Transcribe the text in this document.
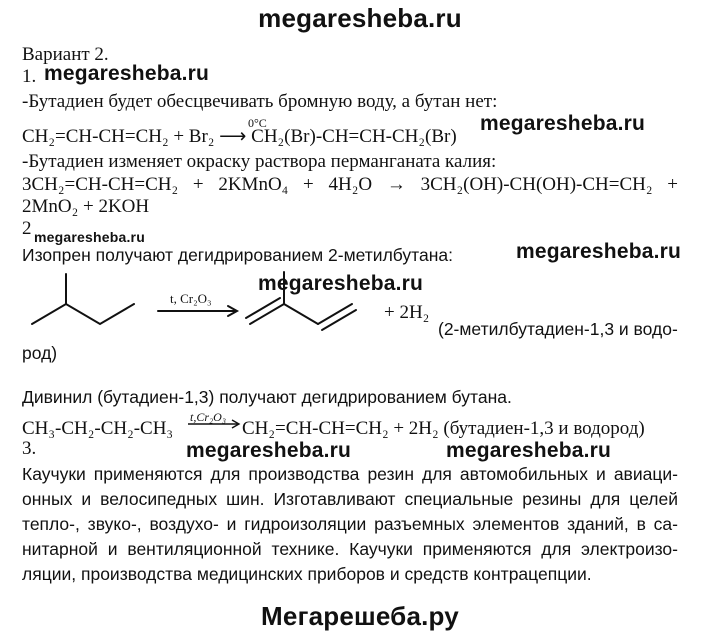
megaresheba.ru
Вариант 2.
1. megaresheba.ru
-Бутадиен будет обесцвечивать бромную воду, а бутан нет:
0°C
CH₂=CH-CH=CH₂ + Br₂ ⟶ CH₂(Br)-CH=CH-CH₂(Br)
megaresheba.ru
-Бутадиен изменяет окраску раствора перманганата калия:
3CH₂=CH-CH=CH₂ + 2KMnO₄ + 4H₂O → 3CH₂(OH)-CH(OH)-CH=CH₂ +
2MnO₂ + 2KOH
2 megaresheba.ru
Изопрен получают дегидрированием 2-метилбутана:	megaresheba.ru
t, Cr₂O₃
megaresheba.ru
+ 2H₂
(2-метилбутадиен-1,3 и водо-
род)
Дивинил (бутадиен-1,3) получают дегидрированием бутана.
CH₃-CH₂-CH₂-CH₃
t,Cr₂O₃
CH₂=CH-CH=CH₂ + 2H₂ (бутадиен-1,3 и водород)
3.	megaresheba.ru	megaresheba.ru
Каучуки применяются для производства резин для автомобильных и авиаци-
онных и велосипедных шин. Изготавливают специальные резины для целей
тепло-, звуко-, воздухо- и гидроизоляции разъемных элементов зданий, в са-
нитарной и вентиляционной технике. Каучуки применяются для электроизо-
ляции, производства медицинских приборов и средств контрацепции.
Мегарешеба.ру
